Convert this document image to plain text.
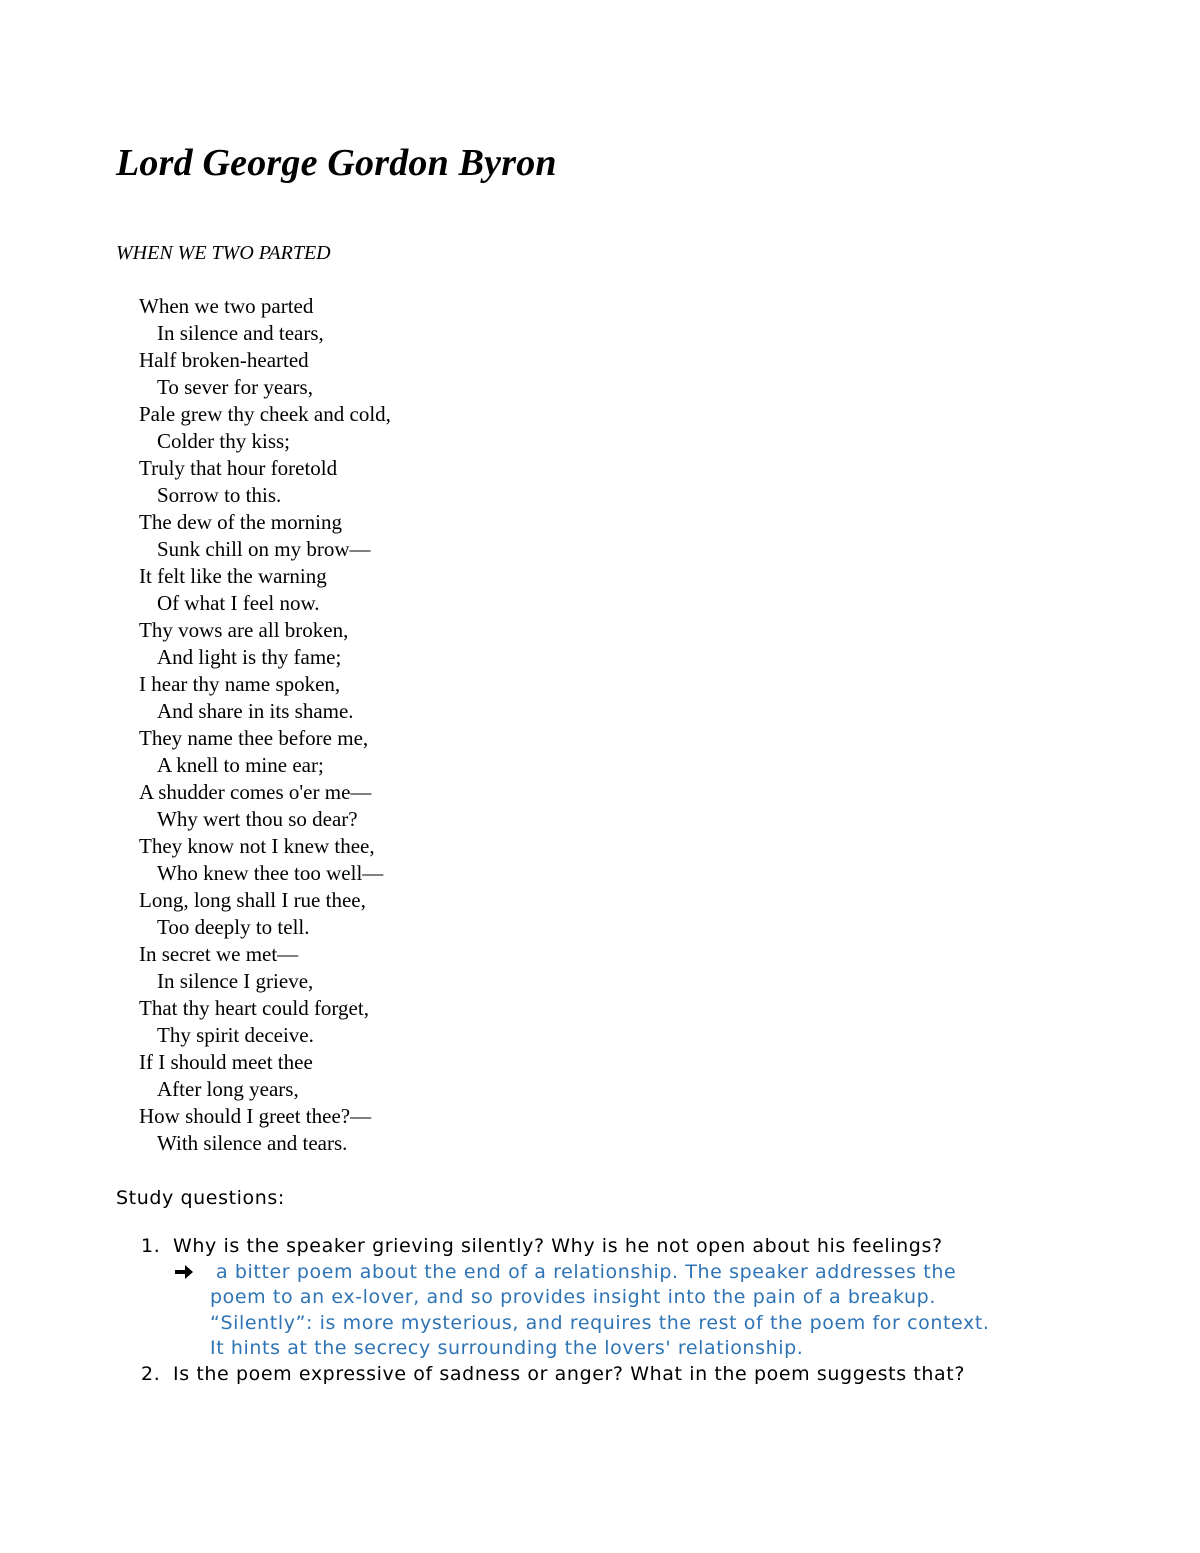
Lord George Gordon Byron
WHEN WE TWO PARTED
When we two parted
In silence and tears,
Half broken-hearted
To sever for years,
Pale grew thy cheek and cold,
Colder thy kiss;
Truly that hour foretold
Sorrow to this.
The dew of the morning
Sunk chill on my brow—
It felt like the warning
Of what I feel now.
Thy vows are all broken,
And light is thy fame;
I hear thy name spoken,
And share in its shame.
They name thee before me,
A knell to mine ear;
A shudder comes o'er me—
Why wert thou so dear?
They know not I knew thee,
Who knew thee too well—
Long, long shall I rue thee,
Too deeply to tell.
In secret we met—
In silence I grieve,
That thy heart could forget,
Thy spirit deceive.
If I should meet thee
After long years,
How should I greet thee?—
With silence and tears.
Study questions:
1. Why is the speaker grieving silently? Why is he not open about his feelings?
a bitter poem about the end of a relationship. The speaker addresses the
poem to an ex-lover, and so provides insight into the pain of a breakup.
“Silently”: is more mysterious, and requires the rest of the poem for context.
It hints at the secrecy surrounding the lovers' relationship.
2. Is the poem expressive of sadness or anger? What in the poem suggests that?
